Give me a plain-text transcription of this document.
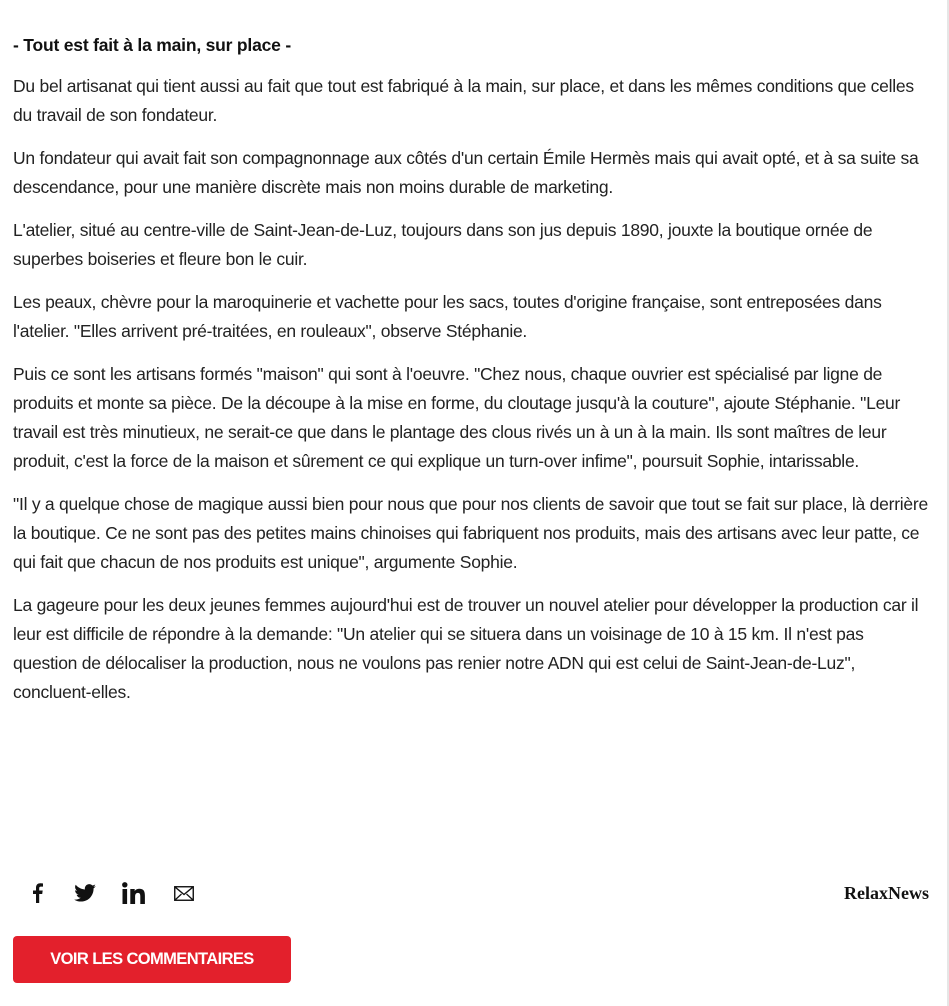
- Tout est fait à la main, sur place -

Du bel artisanat qui tient aussi au fait que tout est fabriqué à la main, sur place, et dans les mêmes conditions que celles du travail de son fondateur.

Un fondateur qui avait fait son compagnonnage aux côtés d'un certain Émile Hermès mais qui avait opté, et à sa suite sa descendance, pour une manière discrète mais non moins durable de marketing.

L'atelier, situé au centre-ville de Saint-Jean-de-Luz, toujours dans son jus depuis 1890, jouxte la boutique ornée de superbes boiseries et fleure bon le cuir.

Les peaux, chèvre pour la maroquinerie et vachette pour les sacs, toutes d'origine française, sont entreposées dans l'atelier. "Elles arrivent pré-traitées, en rouleaux", observe Stéphanie.

Puis ce sont les artisans formés "maison" qui sont à l'oeuvre. "Chez nous, chaque ouvrier est spécialisé par ligne de produits et monte sa pièce. De la découpe à la mise en forme, du cloutage jusqu'à la couture", ajoute Stéphanie. "Leur travail est très minutieux, ne serait-ce que dans le plantage des clous rivés un à un à la main. Ils sont maîtres de leur produit, c'est la force de la maison et sûrement ce qui explique un turn-over infime", poursuit Sophie, intarissable.

"Il y a quelque chose de magique aussi bien pour nous que pour nos clients de savoir que tout se fait sur place, là derrière la boutique. Ce ne sont pas des petites mains chinoises qui fabriquent nos produits, mais des artisans avec leur patte, ce qui fait que chacun de nos produits est unique", argumente Sophie.

La gageure pour les deux jeunes femmes aujourd'hui est de trouver un nouvel atelier pour développer la production car il leur est difficile de répondre à la demande: "Un atelier qui se situera dans un voisinage de 10 à 15 km. Il n'est pas question de délocaliser la production, nous ne voulons pas renier notre ADN qui est celui de Saint-Jean-de-Luz", concluent-elles.

RelaxNews
VOIR LES COMMENTAIRES
